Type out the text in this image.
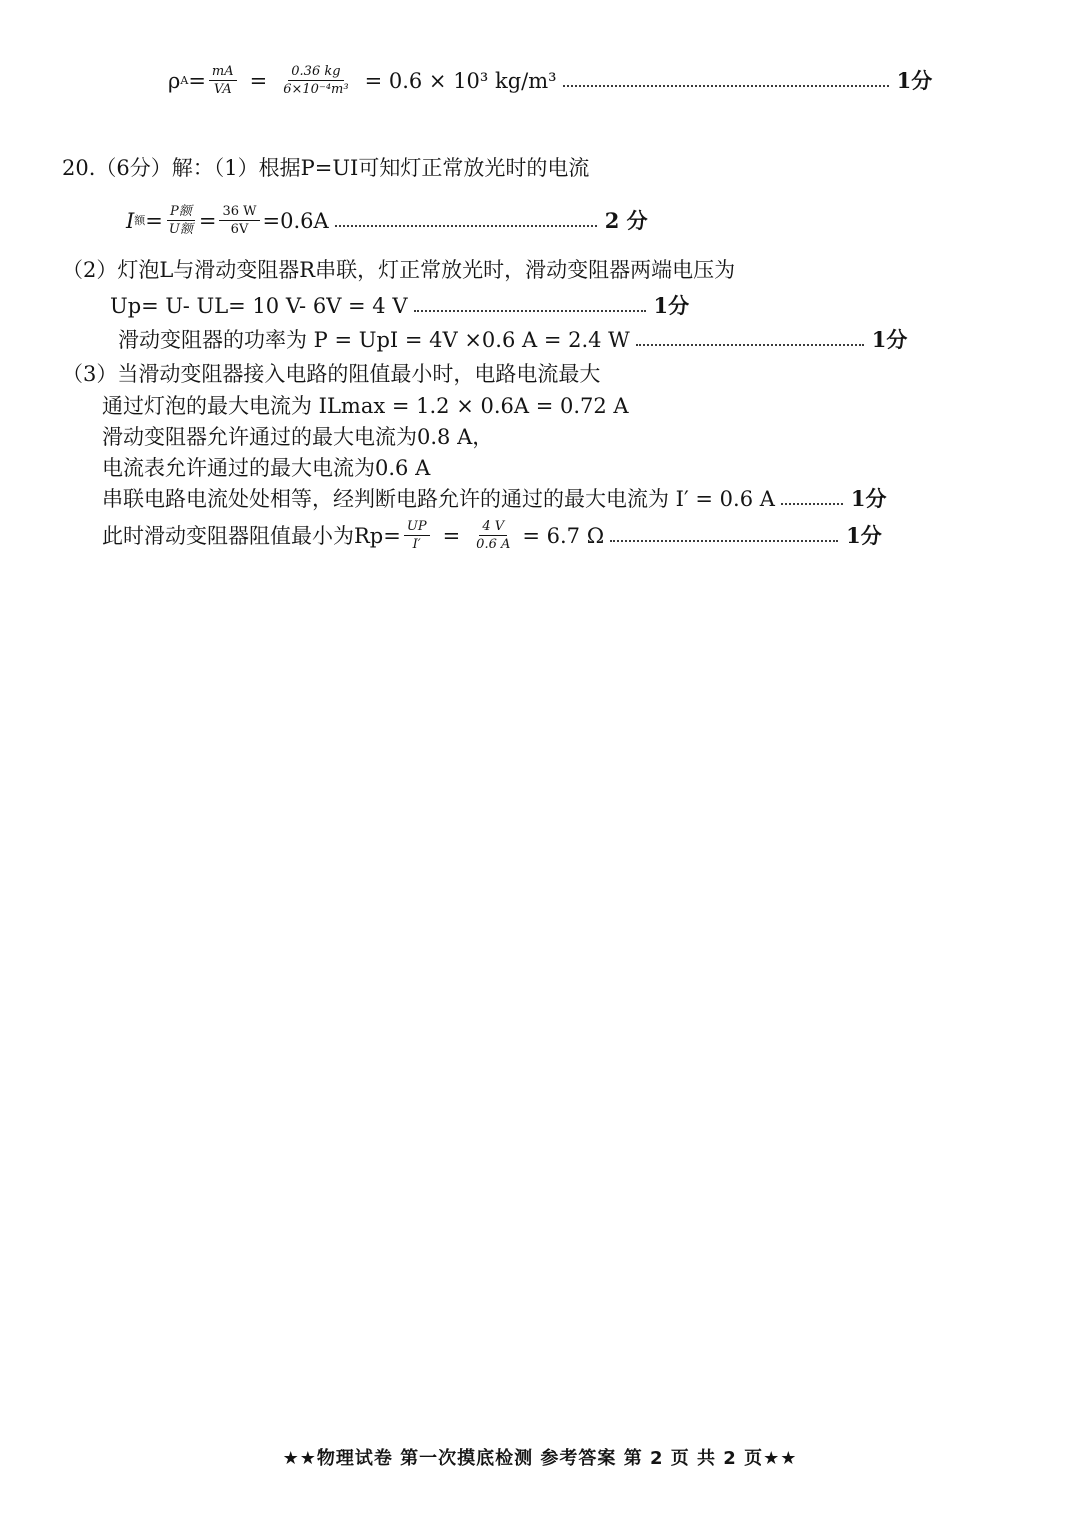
ρ $A = \frac{mA}{VA} = \frac{0.36 kg}{\text{6×10⁻⁴m³}} = 0.6 \times 10^3$ kg/m³	1分
20.（6分）解：（1）根据P=UI可知灯正常放光时的电流
I 额 = $\frac{\text{P额}}{\text{U额}} = \frac{36 W}{6V} =0.6A$	2 分
（2）灯泡L与滑动变阻器R串联，灯正常放光时，滑动变阻器两端电压为
Up= U- UL= 10 V- 6V = 4 V	1分
滑动变阻器的功率为 P = UpI = 4V ×0.6 A = 2.4 W	1分
（3）当滑动变阻器接入电路的阻值最小时，电路电流最大
通过灯泡的最大电流为 ILmax = 1.2 × 0.6A = 0.72 A
滑动变阻器允许通过的最大电流为0.8 A，
电流表允许通过的最大电流为0.6 A
串联电路电流处处相等，经判断电路允许的通过的最大电流为 I′ = 0.6 A	1分
此时滑动变阻器阻值最小为$Rp= \frac{UP}{I'} = \frac{4 V}{0.6 A} = 6.7$ Ω	1分
★★物理试卷 第一次摸底检测 参考答案 第 2 页 共 2 页★★
